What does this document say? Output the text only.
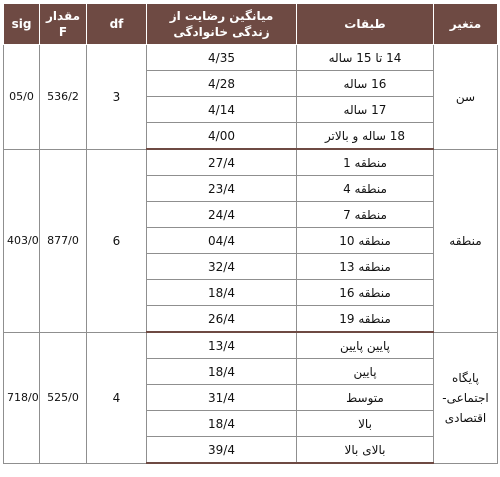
sig	مقدار F	df	میانگین رضایت از زندگی خانوادگی	طبقات	متغیر
05/0	536/2	3	4/35	14 تا 15 ساله	سن
			4/28	16 ساله	
			4/14	17 ساله	
			4/00	18 ساله و بالاتر	
403/0	877/0	6	27/4	منطقه 1	منطقه
			23/4	منطقه 4	
			24/4	منطقه 7	
			04/4	منطقه 10	
			32/4	منطقه 13	
			18/4	منطقه 16	
			26/4	منطقه 19	
718/0	525/0	4	13/4	پایین پایین	پایگاه اجتماعی- اقتصادی
			18/4	پایین	
			31/4	متوسط	
			18/4	بالا	
			39/4	بالای بالا	
